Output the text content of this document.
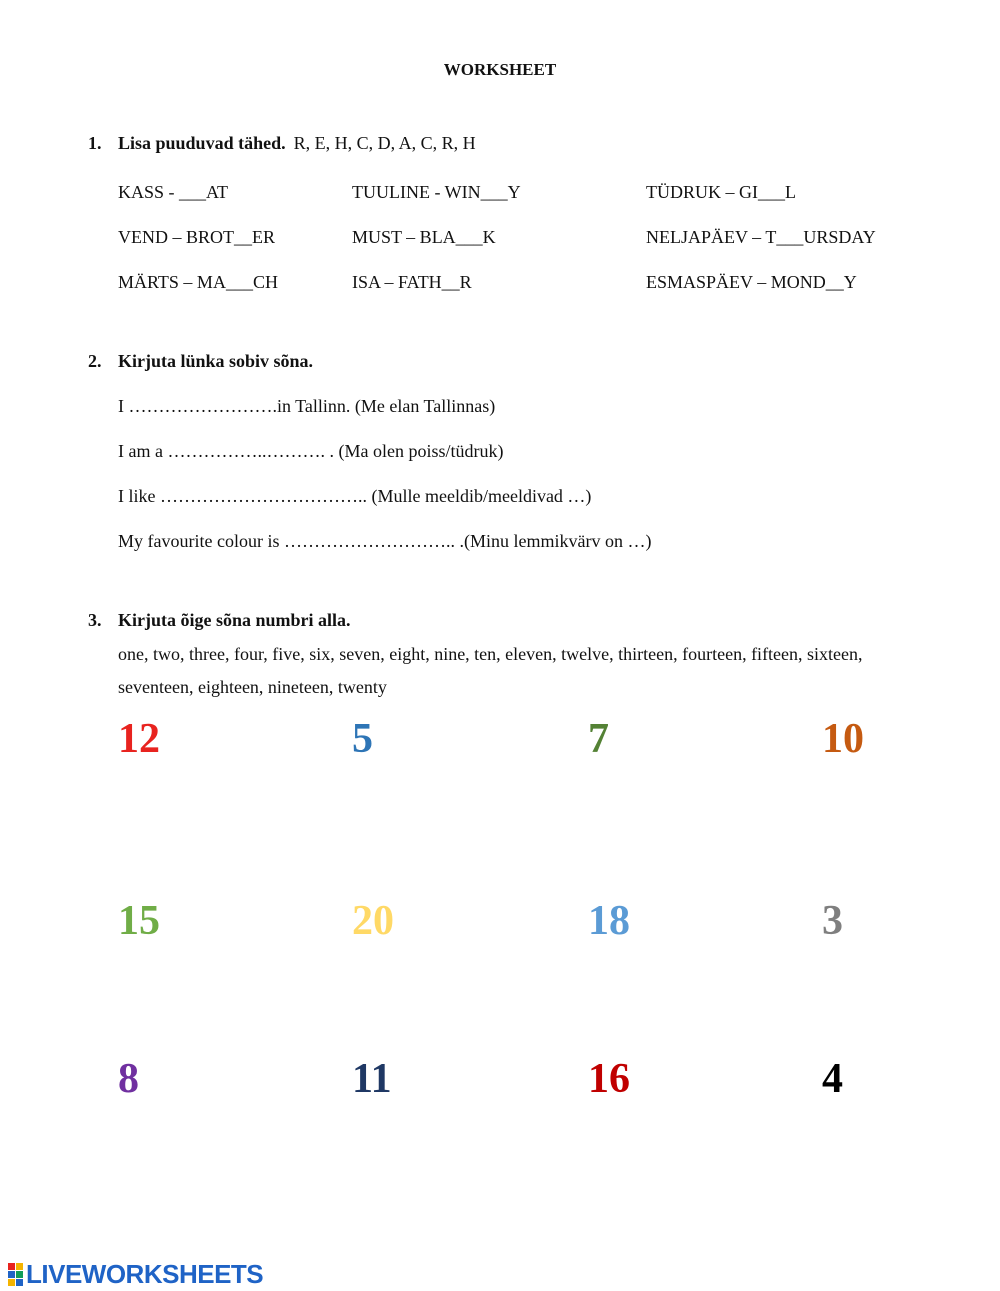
WORKSHEET
1. Lisa puuduvad tähed. R, E, H, C, D, A, C, R, H
KASS - ___AT	TUULINE - WIN___Y	TÜDRUK – GI___L
VEND – BROT__ER	MUST – BLA___K	NELJAPÄEV – T___URSDAY
MÄRTS – MA___CH	ISA – FATH__R	ESMASPÄEV – MOND__Y
2. Kirjuta lünka sobiv sõna.
I …………………….in Tallinn. (Me elan Tallinnas)
I am a ……………..………. . (Ma olen poiss/tüdruk)
I like …………………………….. (Mulle meeldib/meeldivad …)
My favourite colour is ……………………….. .(Minu lemmikvärv on …)
3. Kirjuta õige sõna numbri alla.
one, two, three, four, five, six, seven, eight, nine, ten, eleven, twelve, thirteen, fourteen, fifteen, sixteen,
seventeen, eighteen, nineteen, twenty
12	5	7	10
15	20	18	3
8	11	16	4
LIVEWORKSHEETS
